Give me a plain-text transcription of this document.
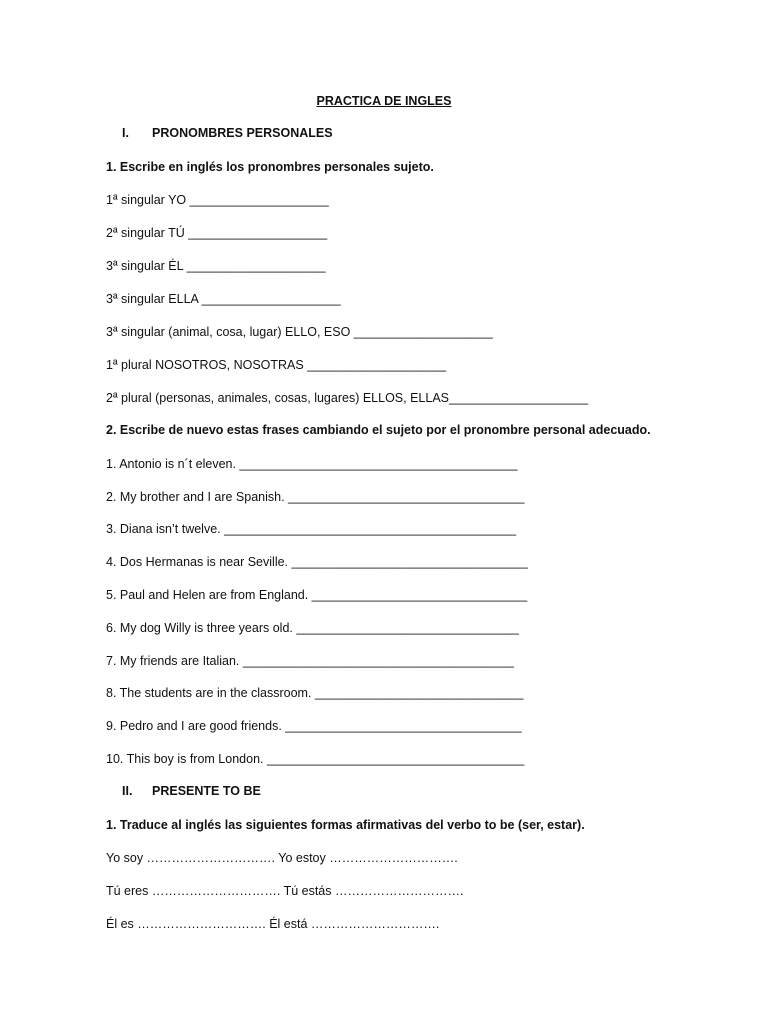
PRACTICA DE INGLES
I. PRONOMBRES PERSONALES
1. Escribe en inglés los pronombres personales sujeto.
1ª singular YO ____________________
2ª singular TÚ ____________________
3ª singular ÉL ____________________
3ª singular ELLA ____________________
3ª singular (animal, cosa, lugar) ELLO, ESO ____________________
1ª plural NOSOTROS, NOSOTRAS ____________________
2ª plural (personas, animales, cosas, lugares) ELLOS, ELLAS____________________
2. Escribe de nuevo estas frases cambiando el sujeto por el pronombre personal adecuado.
1. Antonio is n´t eleven. ________________________________________
2. My brother and I are Spanish. __________________________________
3. Diana isn’t twelve. __________________________________________
4. Dos Hermanas is near Seville. __________________________________
5. Paul and Helen are from England. _______________________________
6. My dog Willy is three years old. ________________________________
7. My friends are Italian. _______________________________________
8. The students are in the classroom. ______________________________
9. Pedro and I are good friends. __________________________________
10. This boy is from London. _____________________________________
II. PRESENTE TO BE
1. Traduce al inglés las siguientes formas afirmativas del verbo to be (ser, estar).
Yo soy …………………………. Yo estoy ………………………….
Tú eres …………………………. Tú estás ………………………….
Él es …………………………. Él está ………………………….
